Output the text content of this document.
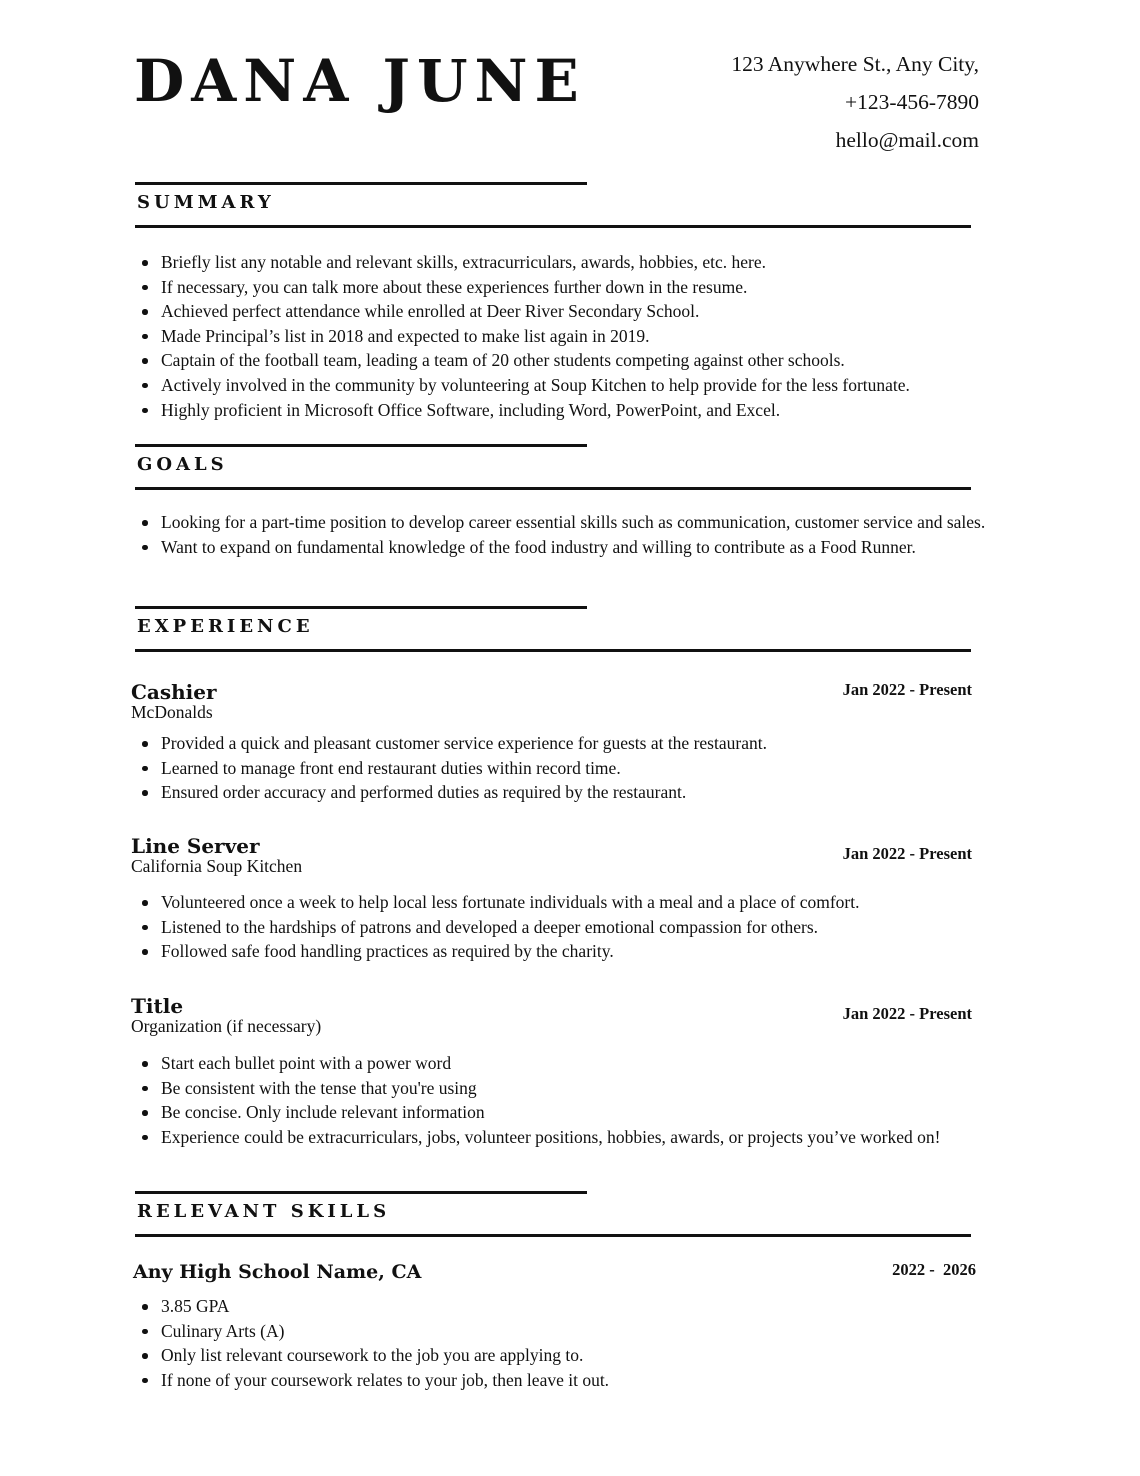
DANA JUNE	123 Anywhere St., Any City,
+123-456-7890
hello@mail.com
SUMMARY
Briefly list any notable and relevant skills, extracurriculars, awards, hobbies, etc. here.
If necessary, you can talk more about these experiences further down in the resume.
Achieved perfect attendance while enrolled at Deer River Secondary School.
Made Principal’s list in 2018 and expected to make list again in 2019.
Captain of the football team, leading a team of 20 other students competing against other schools.
Actively involved in the community by volunteering at Soup Kitchen to help provide for the less fortunate.
Highly proficient in Microsoft Office Software, including Word, PowerPoint, and Excel.
GOALS
Looking for a part-time position to develop career essential skills such as communication, customer service and sales.
Want to expand on fundamental knowledge of the food industry and willing to contribute as a Food Runner.
EXPERIENCE
Cashier
McDonalds
Jan 2022 - Present
Provided a quick and pleasant customer service experience for guests at the restaurant.
Learned to manage front end restaurant duties within record time.
Ensured order accuracy and performed duties as required by the restaurant.
Line Server
California Soup Kitchen
Jan 2022 - Present
Volunteered once a week to help local less fortunate individuals with a meal and a place of comfort.
Listened to the hardships of patrons and developed a deeper emotional compassion for others.
Followed safe food handling practices as required by the charity.
Title
Organization (if necessary)
Jan 2022 - Present
Start each bullet point with a power word
Be consistent with the tense that you're using
Be concise. Only include relevant information
Experience could be extracurriculars, jobs, volunteer positions, hobbies, awards, or projects you’ve worked on!
RELEVANT SKILLS
Any High School Name, CA	2022 -  2026
3.85 GPA
Culinary Arts (A)
Only list relevant coursework to the job you are applying to.
If none of your coursework relates to your job, then leave it out.
